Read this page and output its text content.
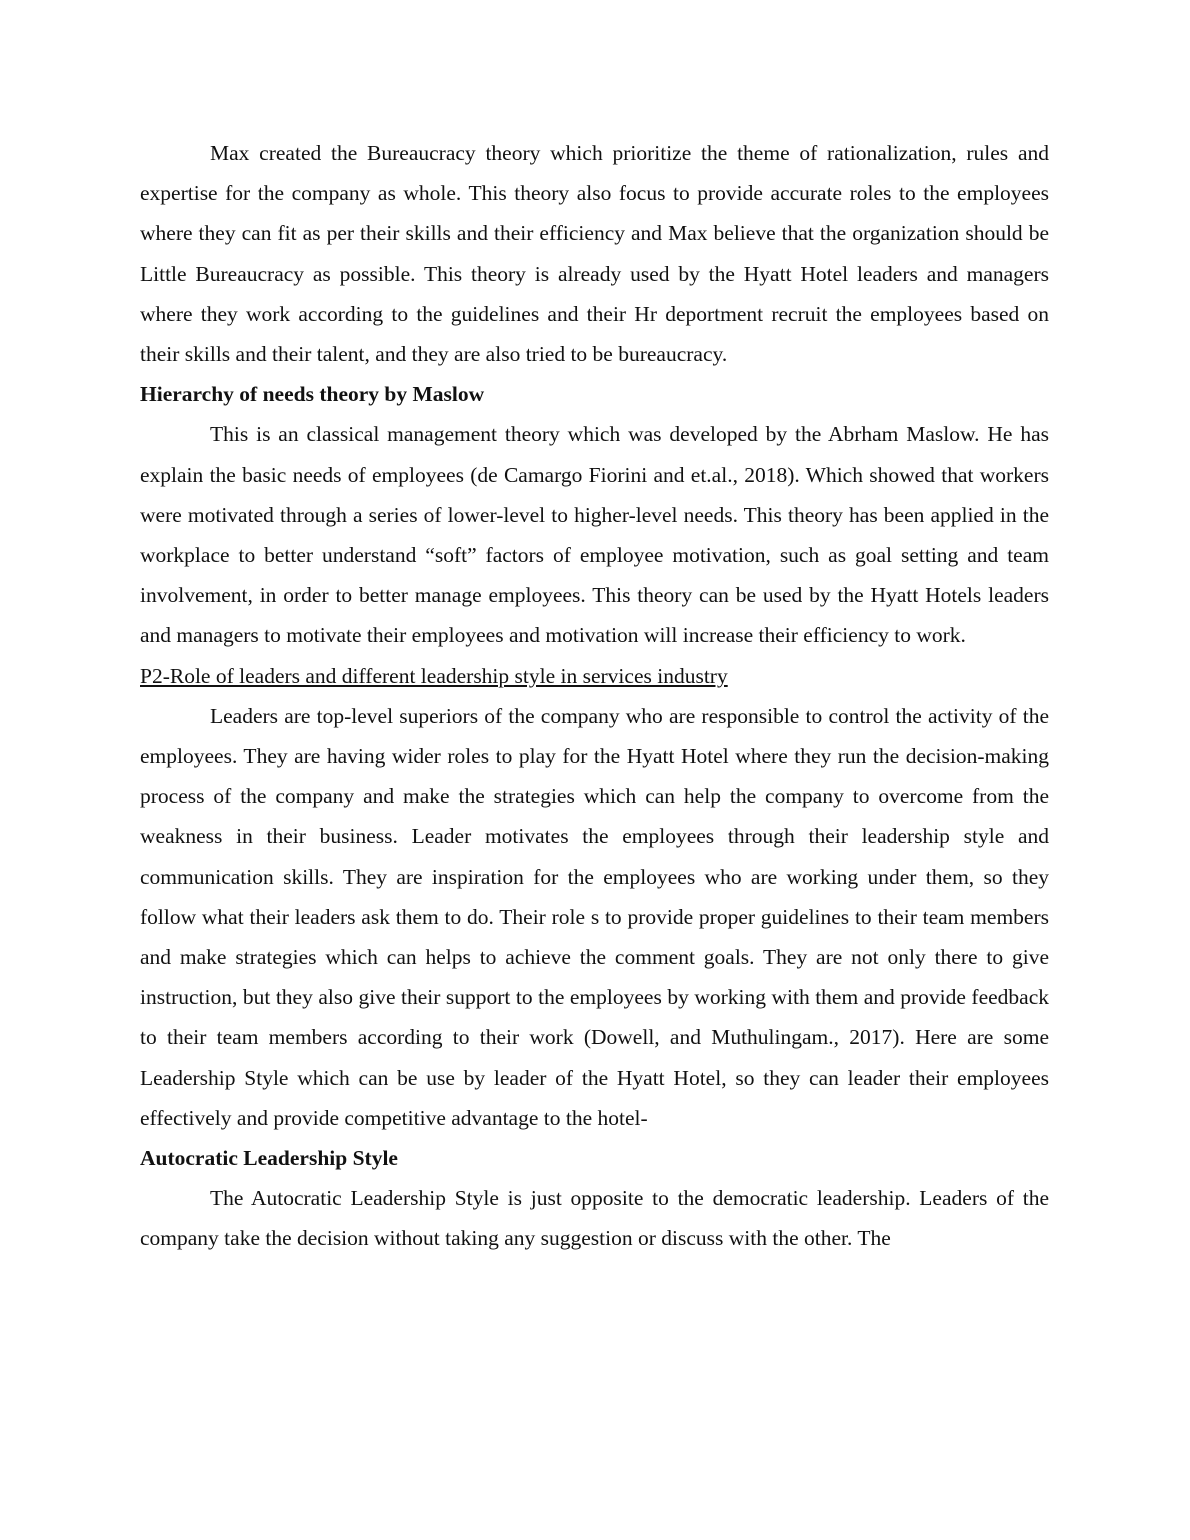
Max created the Bureaucracy theory which prioritize the theme of rationalization, rules and expertise for the company as whole. This theory also focus to provide accurate roles to the employees where they can fit as per their skills and their efficiency and Max believe that the organization should be Little Bureaucracy as possible. This theory is already used by the Hyatt Hotel leaders and managers where they work according to the guidelines and their Hr deportment recruit the employees based on their skills and their talent, and they are also tried to be bureaucracy.

Hierarchy of needs theory by Maslow

This is an classical management theory which was developed by the Abrham Maslow. He has explain the basic needs of employees (de Camargo Fiorini and et.al., 2018). Which showed that workers were motivated through a series of lower-level to higher-level needs. This theory has been applied in the workplace to better understand “soft” factors of employee motivation, such as goal setting and team involvement, in order to better manage employees. This theory can be used by the Hyatt Hotels leaders and managers to motivate their employees and motivation will increase their efficiency to work.

P2-Role of leaders and different leadership style in services industry

Leaders are top-level superiors of the company who are responsible to control the activity of the employees. They are having wider roles to play for the Hyatt Hotel where they run the decision-making process of the company and make the strategies which can help the company to overcome from the weakness in their business. Leader motivates the employees through their leadership style and communication skills. They are inspiration for the employees who are working under them, so they follow what their leaders ask them to do. Their role s to provide proper guidelines to their team members and make strategies which can helps to achieve the comment goals. They are not only there to give instruction, but they also give their support to the employees by working with them and provide feedback to their team members according to their work (Dowell, and Muthulingam., 2017). Here are some Leadership Style which can be use by leader of the Hyatt Hotel, so they can leader their employees effectively and provide competitive advantage to the hotel-

Autocratic Leadership Style

The Autocratic Leadership Style is just opposite to the democratic leadership. Leaders of the company take the decision without taking any suggestion or discuss with the other. The
